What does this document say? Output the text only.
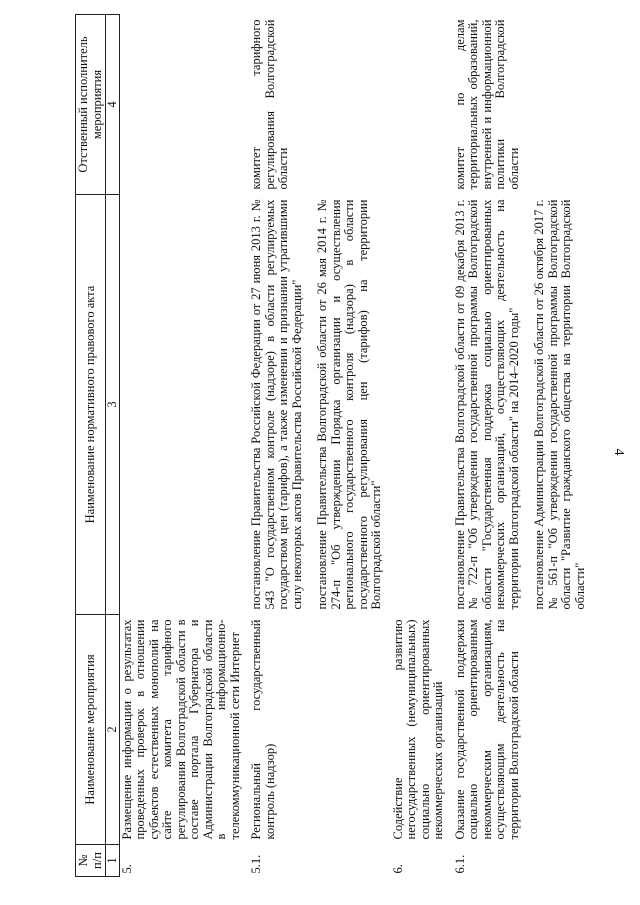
4
№ п/п	Наименование мероприятия	Наименование нормативного правового акта	Отственный исполнитель мероприятия
1	2	3	4
5.	Размещение информации о результатах проведенных проверок в отношении субъектов естественных монополий на сайте комитета тарифного регулирования Волгоградской области в составе портала Губернатора и Администрации Волгоградской области в информационно-телекоммуникационной сети Интернет		
5.1.	Региональный государственный контроль (надзор)	постановление Правительства Российской Федерации от 27 июня 2013 г. № 543 "О государственном контроле (надзоре) в области регулируемых государством цен (тарифов), а также изменении и признании утратившими силу некоторых актов Правительства Российской Федерации" постановление Правительства Волгоградской области от 26 мая 2014 г. № 274-п "Об утверждении Порядка организации и осуществления регионального государственного контроля (надзора) в области государственного регулирования цен (тарифов) на территории Волгоградской области"	комитет тарифного регулирования Волгоградской области
6.	Содействие развитию негосударственных (немуниципальных) социально ориентированных некоммерческих организаций		
6.1.	Оказание государственной поддержки социально ориентированным некоммерческим организациям, осуществляющим деятельность на территории Волгоградской области	постановление Правительства Волгоградской области от 09 декабря 2013 г. № 722-п "Об утверждении государственной программы Волгоградской области "Государственная поддержка социально ориентированных некоммерческих организаций, осуществляющих деятельность на территории Волгоградской области" на 2014–2020 годы" постановление Администрации Волгоградской области от 26 октября 2017 г. № 561-п "Об утверждении государственной программы Волгоградской области "Развитие гражданского общества на территории Волгоградской области"	комитет по делам территориальных образований, внутренней и информационной политики Волгоградской области
